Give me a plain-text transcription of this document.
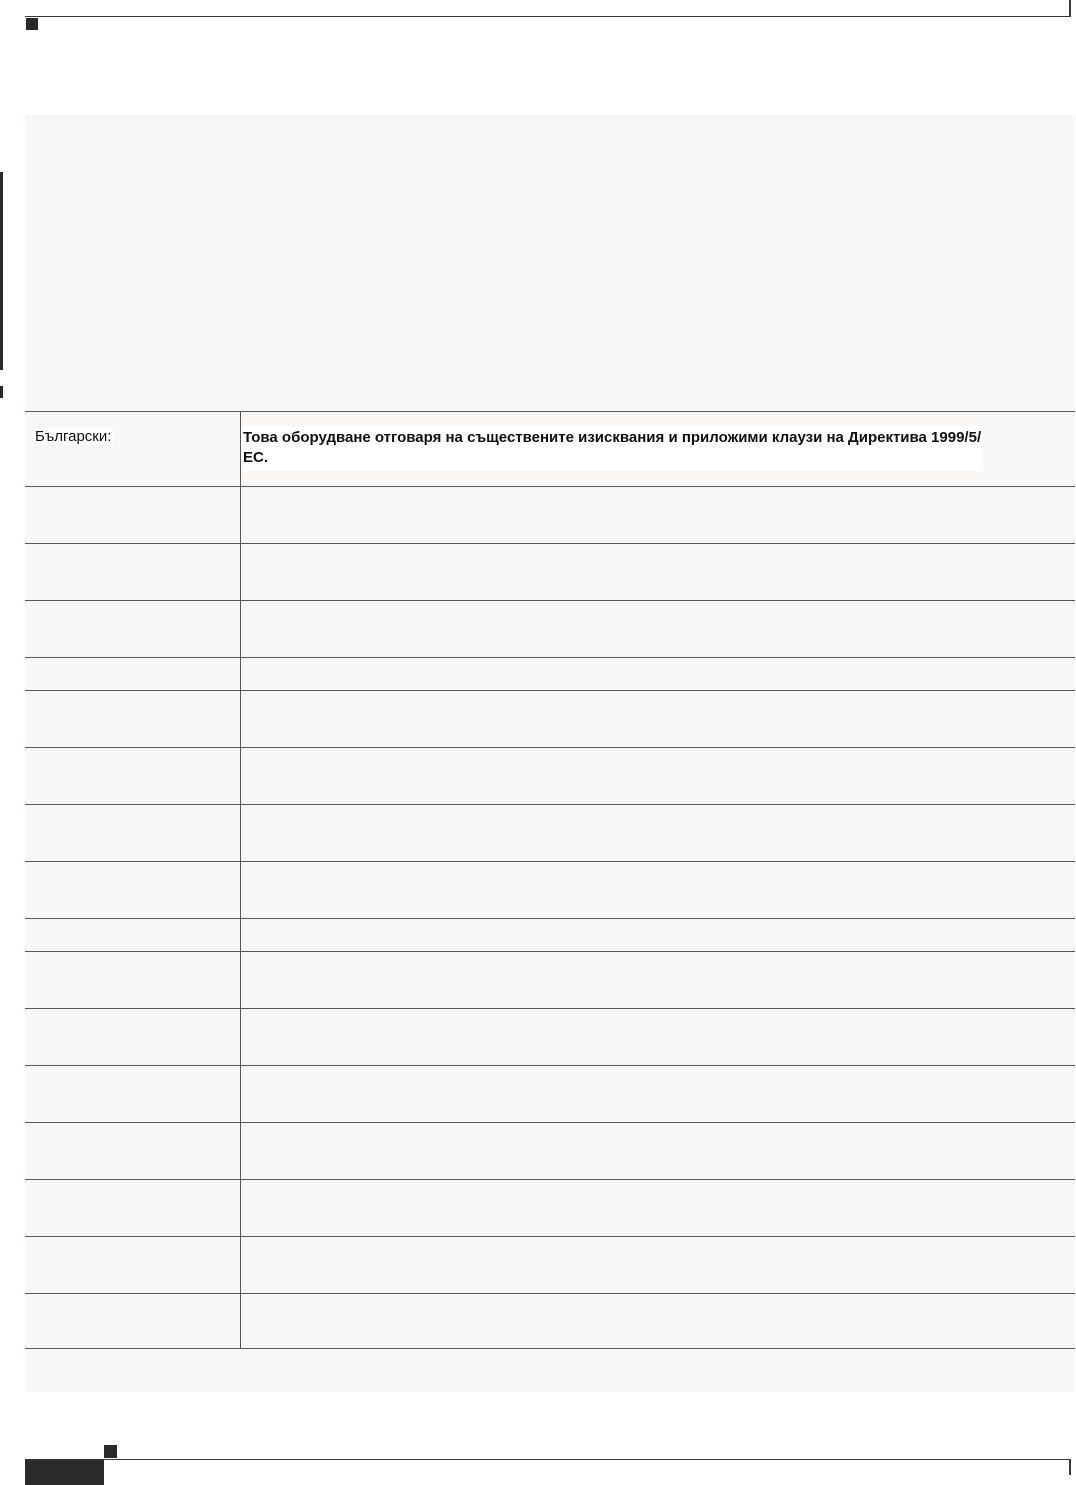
Български:	Това оборудване отговаря на съществените изисквания и приложими клаузи на Директива 1999/5/ЕС.
